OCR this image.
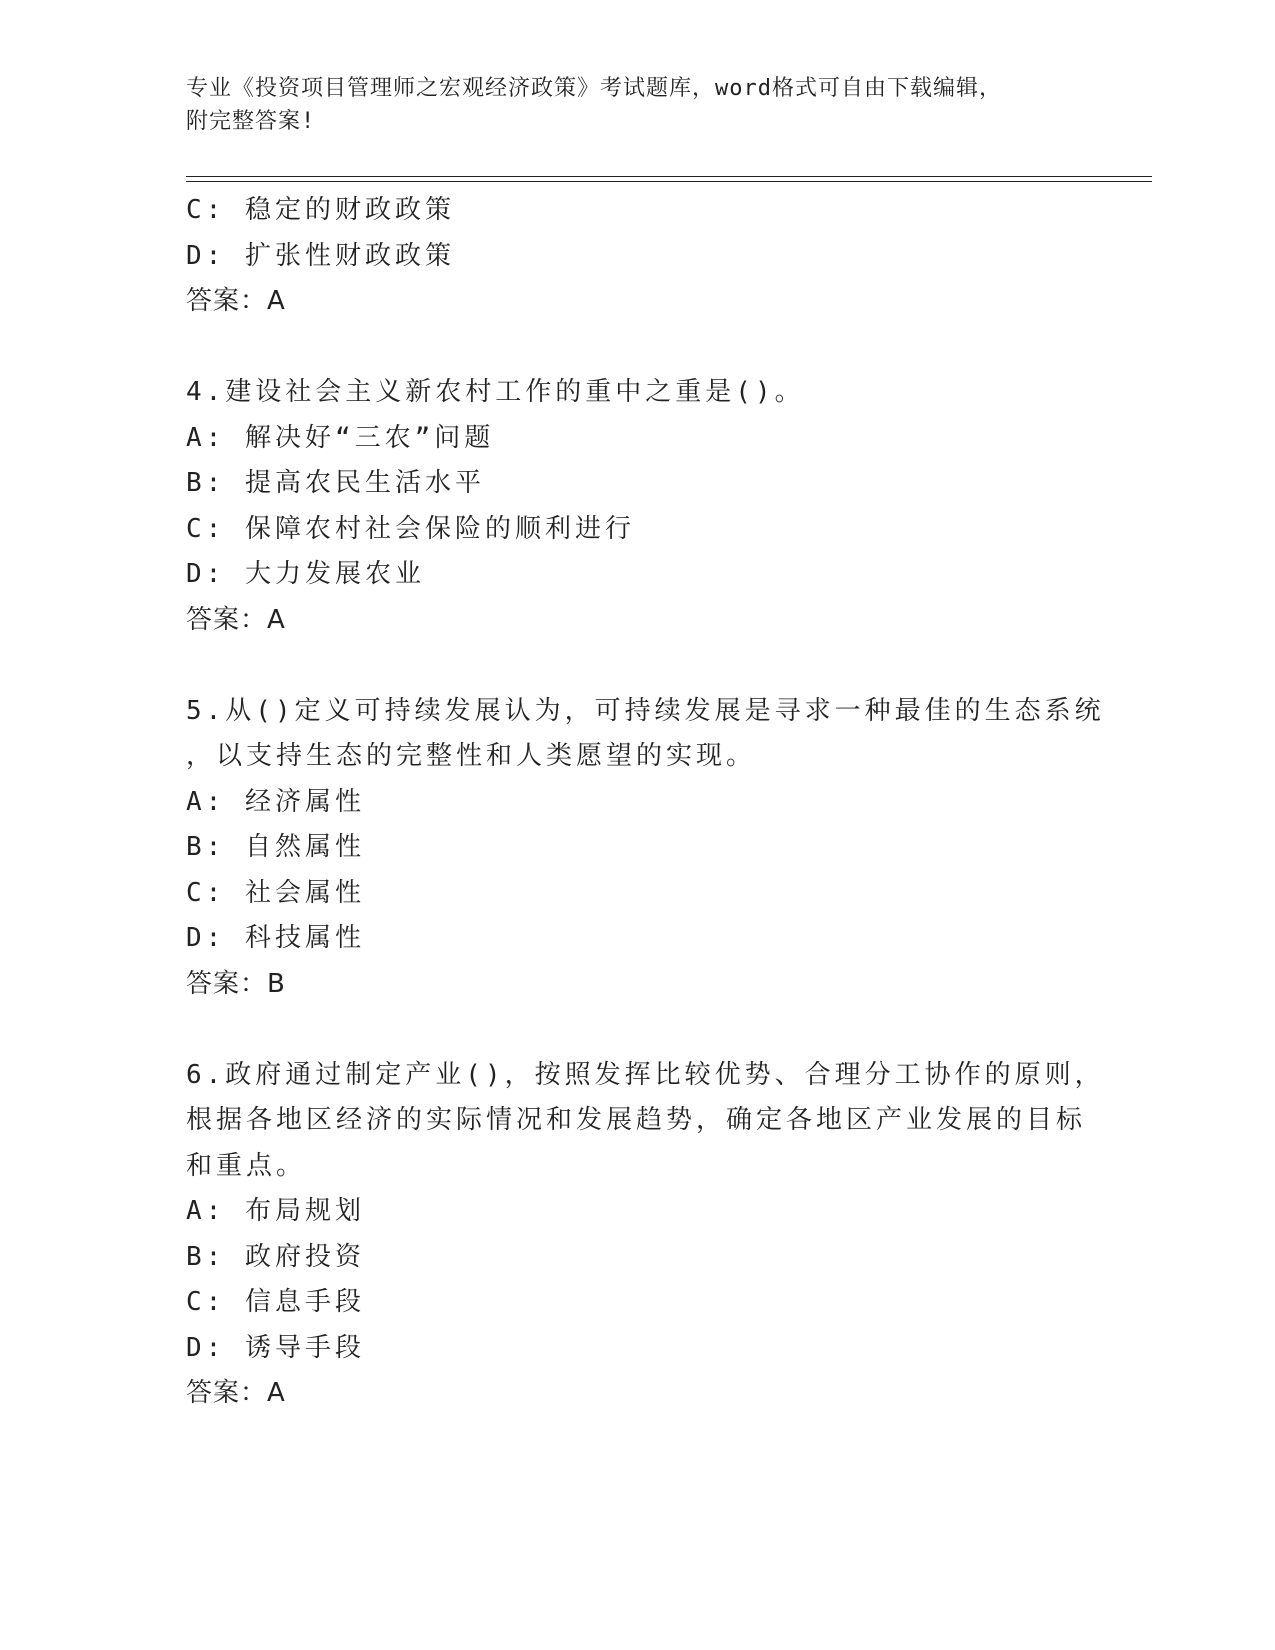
专业《投资项目管理师之宏观经济政策》考试题库，word格式可自由下载编辑，
附完整答案!
C: 稳定的财政政策
D: 扩张性财政政策
答案：A
4.建设社会主义新农村工作的重中之重是()。
A: 解决好“三农”问题
B: 提高农民生活水平
C: 保障农村社会保险的顺利进行
D: 大力发展农业
答案：A
5.从()定义可持续发展认为，可持续发展是寻求一种最佳的生态系统
，以支持生态的完整性和人类愿望的实现。
A: 经济属性
B: 自然属性
C: 社会属性
D: 科技属性
答案：B
6.政府通过制定产业()，按照发挥比较优势、合理分工协作的原则，
根据各地区经济的实际情况和发展趋势，确定各地区产业发展的目标
和重点。
A: 布局规划
B: 政府投资
C: 信息手段
D: 诱导手段
答案：A
